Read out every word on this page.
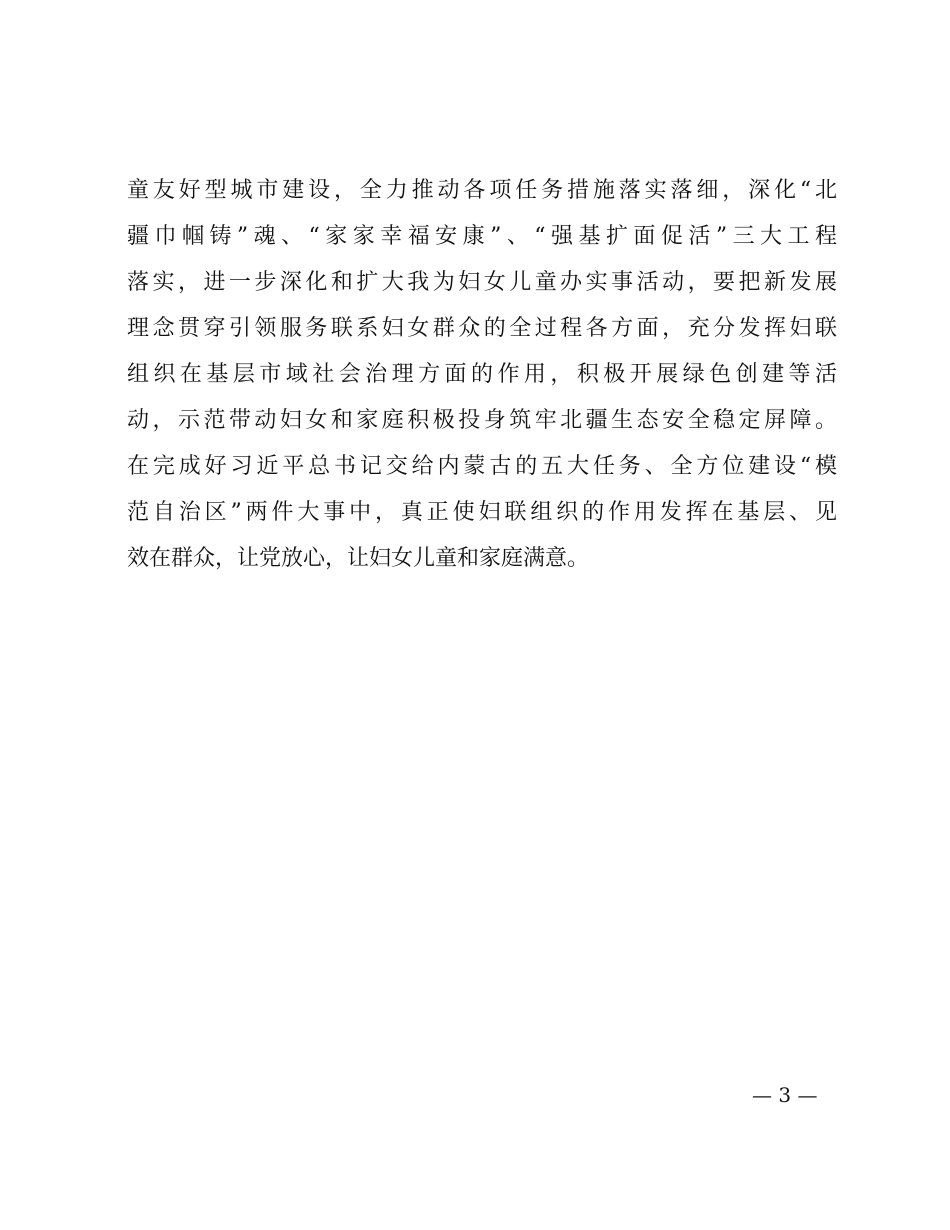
童友好型城市建设，全力推动各项任务措施落实落细，深化“北
疆巾帼铸”魂、“家家幸福安康”、“强基扩面促活”三大工程
落实，进一步深化和扩大我为妇女儿童办实事活动，要把新发展
理念贯穿引领服务联系妇女群众的全过程各方面，充分发挥妇联
组织在基层市域社会治理方面的作用，积极开展绿色创建等活
动，示范带动妇女和家庭积极投身筑牢北疆生态安全稳定屏障。
在完成好习近平总书记交给内蒙古的五大任务、全方位建设“模
范自治区”两件大事中，真正使妇联组织的作用发挥在基层、见
效在群众，让党放心，让妇女儿童和家庭满意。
— 3 —
